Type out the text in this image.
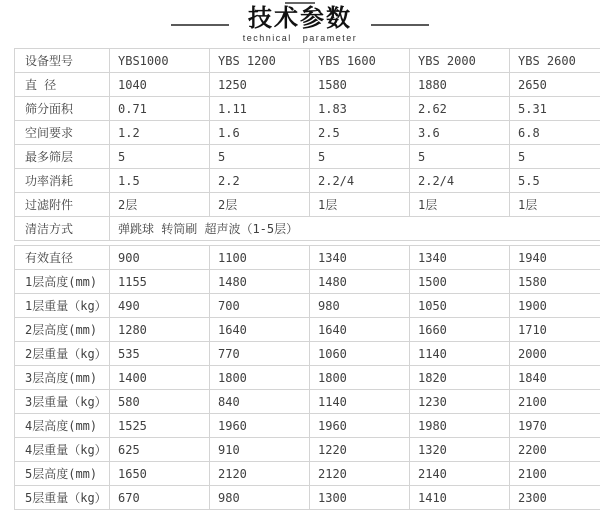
技术参数
technical parameter
设备型号	YBS1000	YBS 1200	YBS 1600	YBS 2000	YBS 2600
直 径	1040	1250	1580	1880	2650
筛分面积	0.71	1.11	1.83	2.62	5.31
空间要求	1.2	1.6	2.5	3.6	6.8
最多筛层	5	5	5	5	5
功率消耗	1.5	2.2	2.2/4	2.2/4	5.5
过滤附件	2层	2层	1层	1层	1层
清洁方式	弹跳球 转筒刷 超声波（1-5层）				
有效直径	900	1100	1340	1340	1940
1层高度(mm)	1155	1480	1480	1500	1580
1层重量（kg）	490	700	980	1050	1900
2层高度(mm)	1280	1640	1640	1660	1710
2层重量（kg）	535	770	1060	1140	2000
3层高度(mm)	1400	1800	1800	1820	1840
3层重量（kg）	580	840	1140	1230	2100
4层高度(mm)	1525	1960	1960	1980	1970
4层重量（kg）	625	910	1220	1320	2200
5层高度(mm)	1650	2120	2120	2140	2100
5层重量（kg）	670	980	1300	1410	2300
